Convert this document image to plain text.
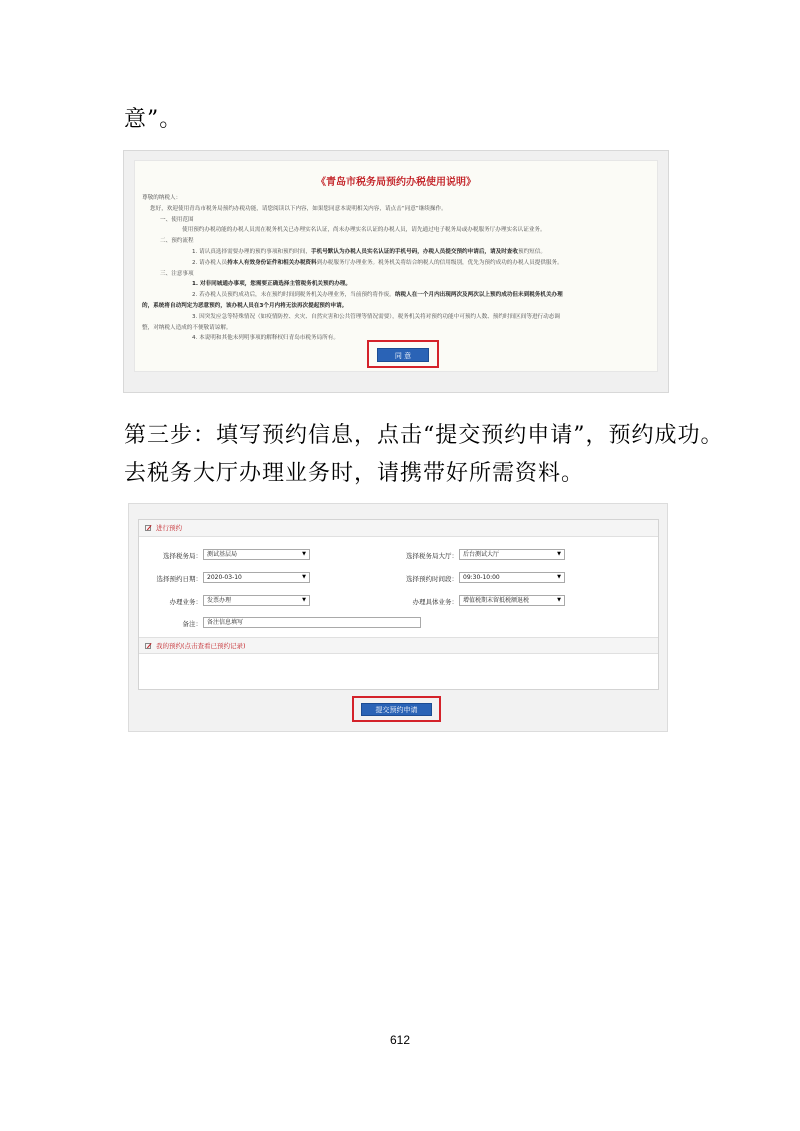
意”。
《青岛市税务局预约办税使用说明》
尊敬的纳税人：
您好，欢迎使用青岛市税务局预约办税功能，请您阅读以下内容，如果您同意本说明相关内容，请点击“同意”继续操作。
一、使用范围
使用预约办税功能的办税人员需在税务机关已办理实名认证，尚未办理实名认证的办税人员，请先通过电子税务局或办税服务厅办理实名认证业务。
二、预约流程
1. 请认真选择需要办理的预约事项和预约时间，手机号默认为办税人员实名认证的手机号码，办税人员提交预约申请后，请及时查收预约短信。
2. 请办税人员持本人有效身份证件和相关办税资料到办税服务厅办理业务。税务机关将结合纳税人的信用级别，优先为预约成功的办税人员提供服务。
三、注意事项
1. 对非同城通办事项，您需要正确选择主管税务机关预约办理。
2. 若办税人员预约成功后，未在预约时间到税务机关办理业务，当前预约将作废。纳税人在一个月内出现两次及两次以上预约成功但未到税务机关办理
的，系统将自动判定为恶意预约，该办税人员在3个月内将无法再次提起预约申请。
3. 因突发应急等特殊情况（如疫情防控、火灾、自然灾害和公共管理等情况需要），税务机关将对预约功能中可预约人数、预约时间区间等进行动态调
整，对纳税人造成的不便敬请谅解。
4. 本说明和其他未列明事项的解释权归青岛市税务局所有。
同 意
第三步：填写预约信息，点击“提交预约申请”，预约成功。
去税务大厅办理业务时，请携带好所需资料。
进行预约
选择税务局： 测试基层局	▼	选择税务局大厅： 后台测试大厅	▼
选择预约日期： 2020-03-10	▼	选择预约时间段： 09:30-10:00	▼
办理业务： 发票办理	▼	办理具体业务： 增值税期末留抵税额退税	▼
备注： 备注信息填写
我的预约(点击查看已预约记录)
提交预约申请
612
